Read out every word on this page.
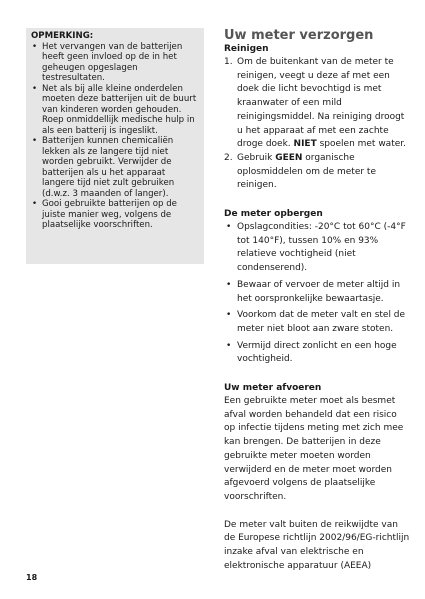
OPMERKING:
• Het vervangen van de batterijen heeft geen invloed op de in het geheugen opgeslagen testresultaten.
• Net als bij alle kleine onderdelen moeten deze batterijen uit de buurt van kinderen worden gehouden. Roep onmiddellijk medische hulp in als een batterij is ingeslikt.
• Batterijen kunnen chemicaliën lekken als ze langere tijd niet worden gebruikt. Verwijder de batterijen als u het apparaat langere tijd niet zult gebruiken (d.w.z. 3 maanden of langer).
• Gooi gebruikte batterijen op de juiste manier weg, volgens de plaatselijke voorschriften.
Uw meter verzorgen
Reinigen
1. Om de buitenkant van de meter te reinigen, veegt u deze af met een doek die licht bevochtigd is met kraanwater of een mild reinigingsmiddel. Na reiniging droogt u het apparaat af met een zachte droge doek. NIET spoelen met water.
2. Gebruik GEEN organische oplosmiddelen om de meter te reinigen.
De meter opbergen
• Opslagcondities: -20°C tot 60°C (-4°F tot 140°F), tussen 10% en 93% relatieve vochtigheid (niet condenserend).
• Bewaar of vervoer de meter altijd in het oorspronkelijke bewaartasje.
• Voorkom dat de meter valt en stel de meter niet bloot aan zware stoten.
• Vermijd direct zonlicht en een hoge vochtigheid.
Uw meter afvoeren

Een gebruikte meter moet als besmet afval worden behandeld dat een risico op infectie tijdens meting met zich mee kan brengen. De batterijen in deze gebruikte meter moeten worden verwijderd en de meter moet worden afgevoerd volgens de plaatselijke voorschriften.

De meter valt buiten de reikwijdte van de Europese richtlijn 2002/96/EG-richtlijn inzake afval van elektrische en elektronische apparatuur (AEEA)

18
